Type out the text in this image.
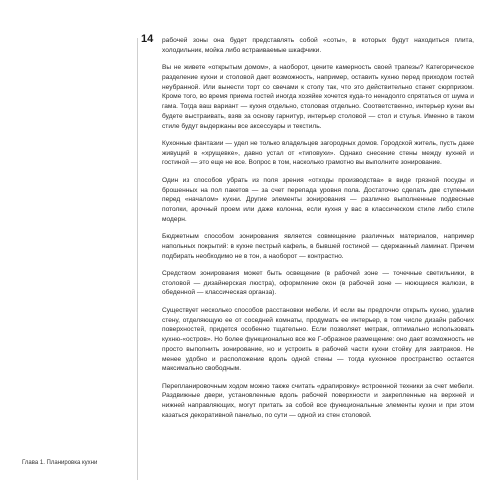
14
Глава 1. Планировка кухни

рабочей зоны она будет представлять собой «соты», в которых будут находиться плита, холодильник, мойка либо встраиваемые шкафчики.

Вы не живете «открытым домом», а наоборот, цените камерность своей трапезы? Категорическое разделение кухни и столовой дает возможность, например, оставить кухню перед приходом гостей неубранной. Или вынести торт со свечами к столу так, что это действительно станет сюрпризом. Кроме того, во время приема гостей иногда хозяйке хочется куда-то ненадолго спрятаться от шума и гама. Тогда ваш вариант — кухня отдельно, столовая отдельно. Соответственно, интерьер кухни вы будете выстраивать, взяв за основу гарнитур, интерьер столовой — стол и стулья. Именно в таком стиле будут выдержаны все аксессуары и текстиль.

Кухонные фантазии — удел не только владельцев загородных домов. Городской житель, пусть даже живущий в «хрущевке», давно устал от «типовухи». Однако снесение стены между кухней и гостиной — это еще не все. Вопрос в том, насколько грамотно вы выполните зонирование.

Один из способов убрать из поля зрения «отходы производства» в виде грязной посуды и брошенных на пол пакетов — за счет перепада уровня пола. Достаточно сделать две ступеньки перед «началом» кухни. Другие элементы зонирования — различно выполненные подвесные потолки, арочный проем или даже колонна, если кухня у вас в классическом стиле либо стиле модерн.

Бюджетным способом зонирования является совмещение различных материалов, например напольных покрытий: в кухне пестрый кафель, в бывшей гостиной — сдержанный ламинат. Причем подбирать необходимо не в тон, а наоборот — контрастно.

Средством зонирования может быть освещение (в рабочей зоне — точечные светильники, в столовой — дизайнерская люстра), оформление окон (в рабочей зоне — нюющиеся жалюзи, в обеденной — классическая органза).

Существует несколько способов расстановки мебели. И если вы предпочли открыть кухню, удалив стену, отделяющую ее от соседней комнаты, продумать ее интерьер, в том числе дизайн рабочих поверхностей, придется особенно тщательно. Если позволяет метраж, оптимально использовать кухню-«остров». Но более функционально все же Г-образное размещение: оно дает возможность не просто выполнить зонирование, но и устроить в рабочей части кухни стойку для завтраков. Не менее удобно и расположение вдоль одной стены — тогда кухонное пространство остается максимально свободным.

Перепланировочным ходом можно также считать «драпировку» встроенной техники за счет мебели. Раздвижные двери, установленные вдоль рабочей поверхности и закрепленные на верхней и нижней направляющих, могут притать за собой все функциональные элементы кухни и при этом казаться декоративной панелью, по сути — одной из стен столовой.
